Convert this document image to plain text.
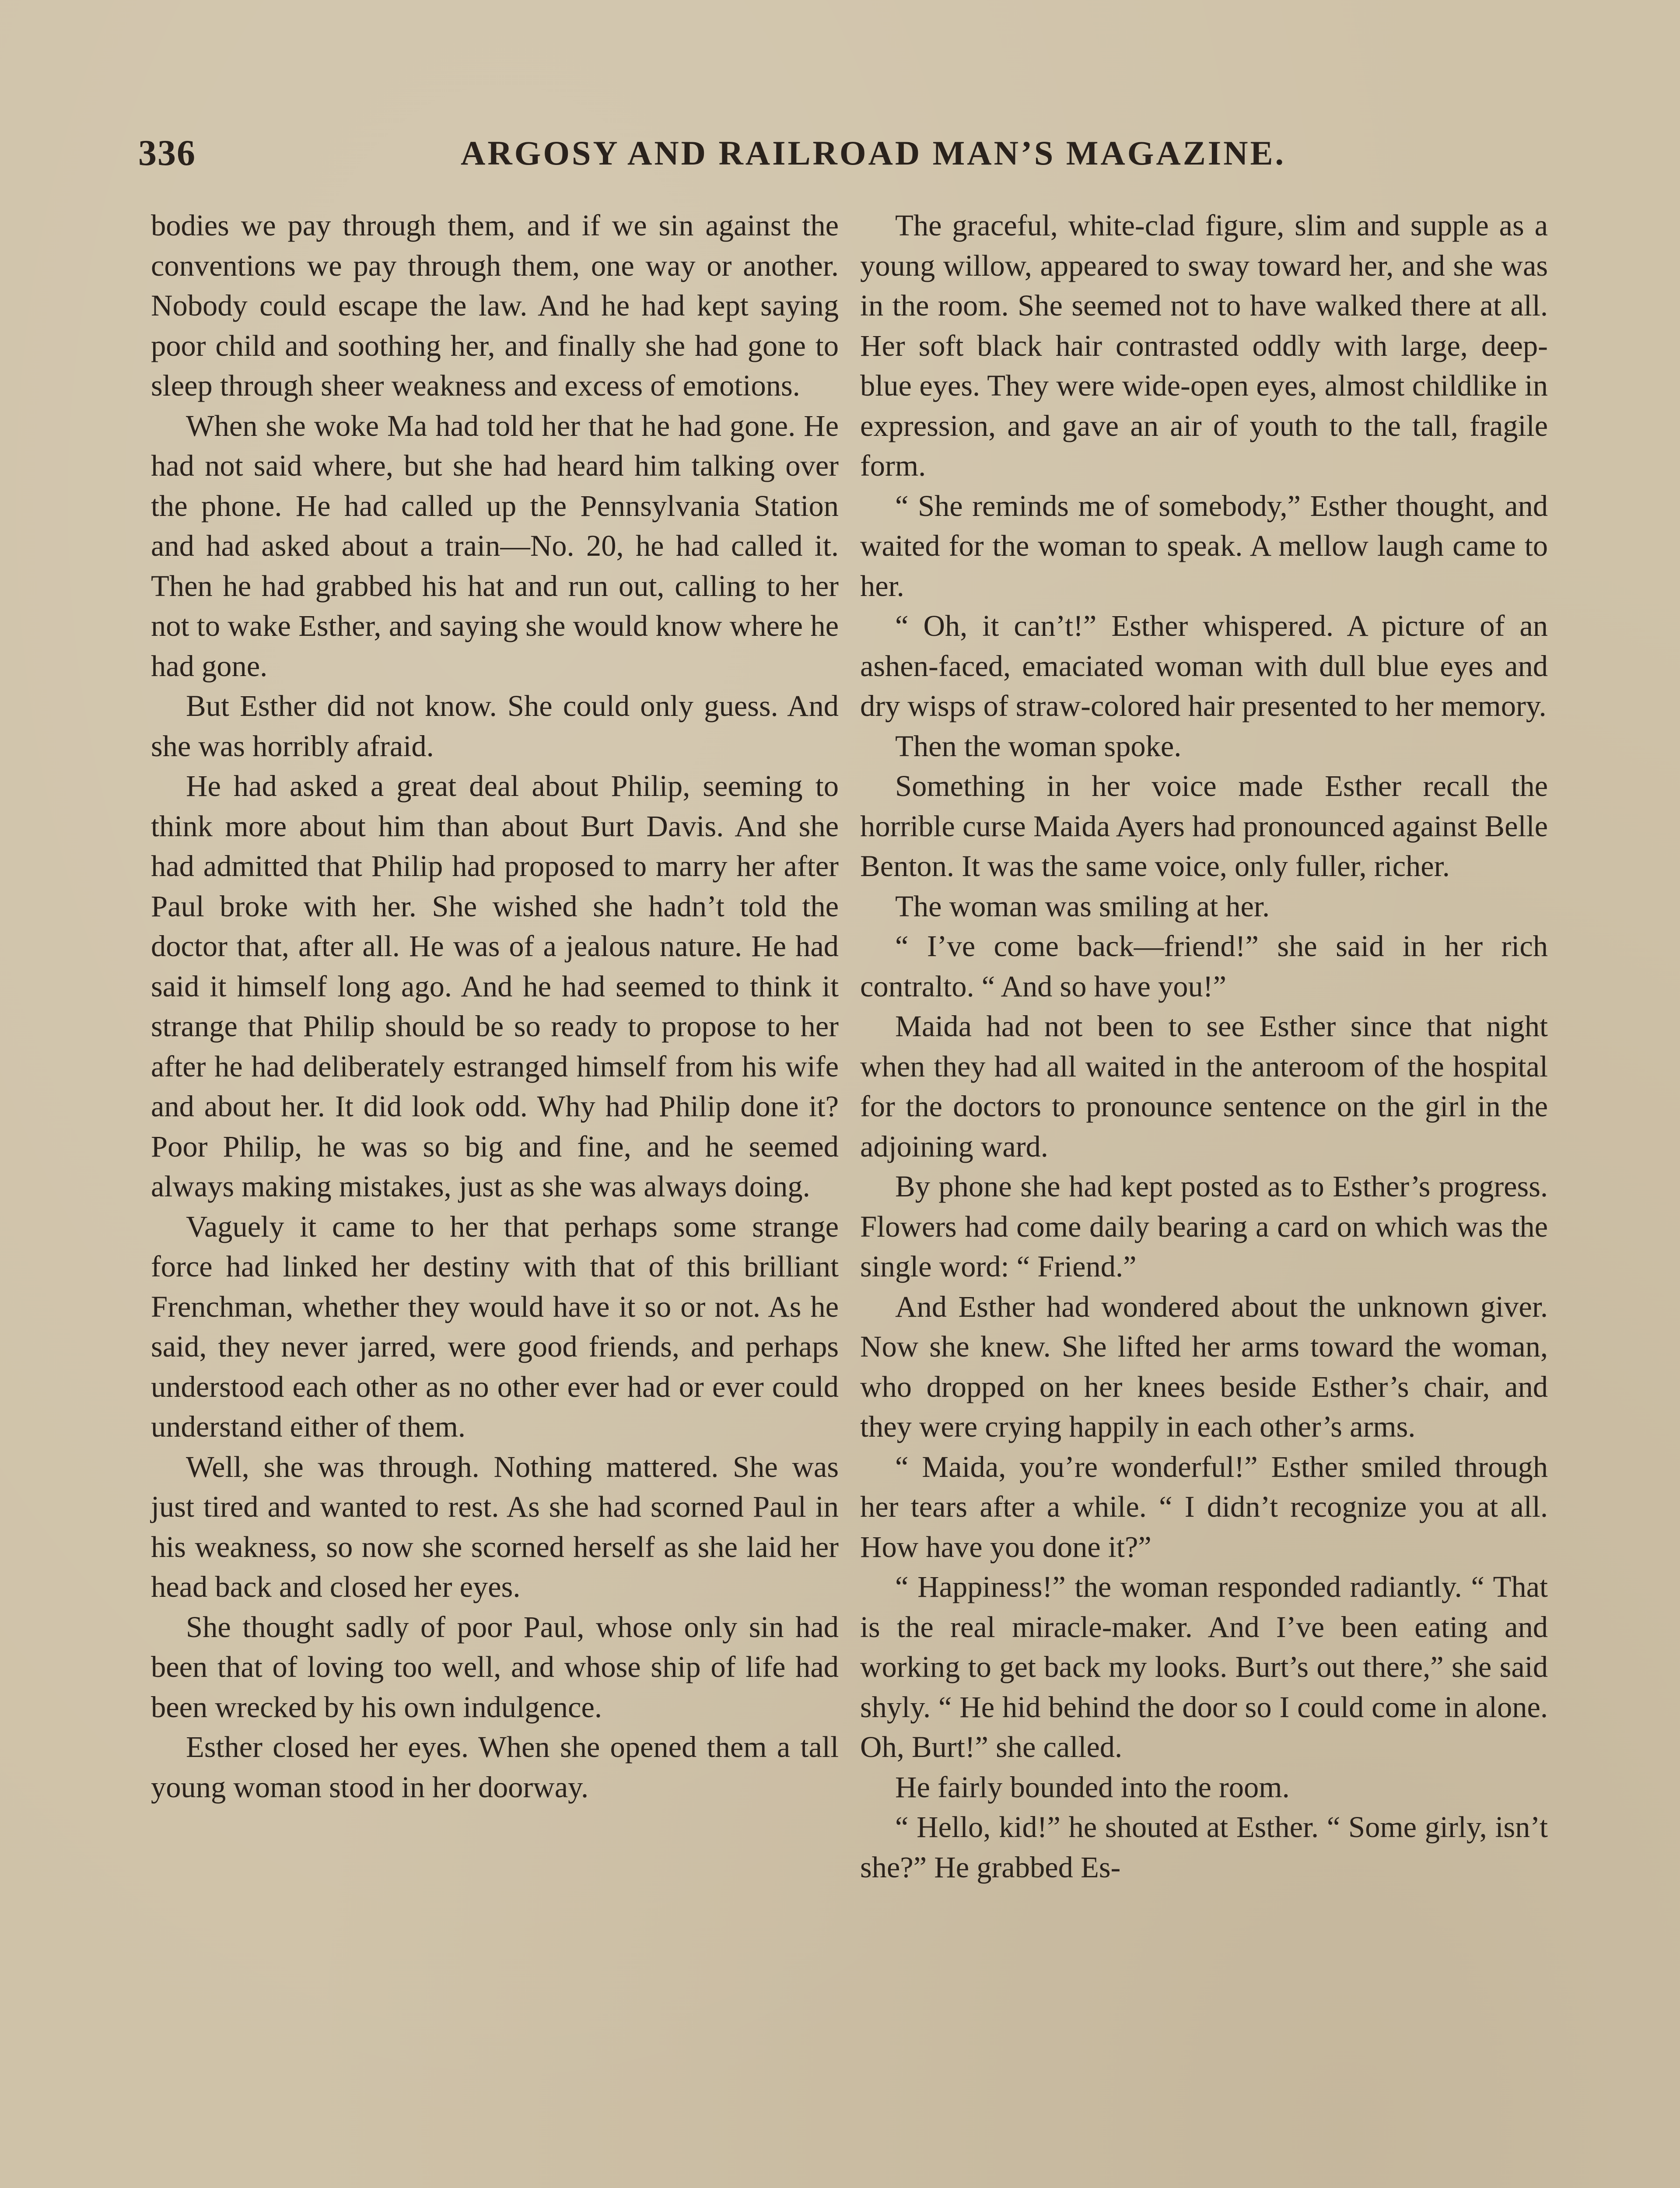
336	ARGOSY AND RAILROAD MAN’S MAGAZINE.

bodies we pay through them, and if we sin against the conventions we pay through them, one way or another. Nobody could escape the law. And he had kept saying poor child and soothing her, and finally she had gone to sleep through sheer weakness and excess of emotions.

When she woke Ma had told her that he had gone. He had not said where, but she had heard him talking over the phone. He had called up the Pennsylvania Station and had asked about a train—No. 20, he had called it. Then he had grabbed his hat and run out, calling to her not to wake Esther, and saying she would know where he had gone.

But Esther did not know. She could only guess. And she was horribly afraid.

He had asked a great deal about Philip, seeming to think more about him than about Burt Davis. And she had admitted that Philip had proposed to marry her after Paul broke with her. She wished she hadn’t told the doctor that, after all. He was of a jealous nature. He had said it himself long ago. And he had seemed to think it strange that Philip should be so ready to propose to her after he had deliberately estranged himself from his wife and about her. It did look odd. Why had Philip done it? Poor Philip, he was so big and fine, and he seemed always making mistakes, just as she was always doing.

Vaguely it came to her that perhaps some strange force had linked her destiny with that of this brilliant Frenchman, whether they would have it so or not. As he said, they never jarred, were good friends, and perhaps understood each other as no other ever had or ever could understand either of them.

Well, she was through. Nothing mattered. She was just tired and wanted to rest. As she had scorned Paul in his weakness, so now she scorned herself as she laid her head back and closed her eyes.

She thought sadly of poor Paul, whose only sin had been that of loving too well, and whose ship of life had been wrecked by his own indulgence.

Esther closed her eyes. When she opened them a tall young woman stood in her doorway.

The graceful, white-clad figure, slim and supple as a young willow, appeared to sway toward her, and she was in the room. She seemed not to have walked there at all. Her soft black hair contrasted oddly with large, deep-blue eyes. They were wide-open eyes, almost childlike in expression, and gave an air of youth to the tall, fragile form.

“ She reminds me of somebody,” Esther thought, and waited for the woman to speak. A mellow laugh came to her.

“ Oh, it can’t!” Esther whispered. A picture of an ashen-faced, emaciated woman with dull blue eyes and dry wisps of straw-colored hair presented to her memory.

Then the woman spoke.

Something in her voice made Esther recall the horrible curse Maida Ayers had pronounced against Belle Benton. It was the same voice, only fuller, richer.

The woman was smiling at her.

“ I’ve come back—friend!” she said in her rich contralto. “ And so have you!”

Maida had not been to see Esther since that night when they had all waited in the anteroom of the hospital for the doctors to pronounce sentence on the girl in the adjoining ward.

By phone she had kept posted as to Esther’s progress. Flowers had come daily bearing a card on which was the single word: “ Friend.”

And Esther had wondered about the unknown giver. Now she knew. She lifted her arms toward the woman, who dropped on her knees beside Esther’s chair, and they were crying happily in each other’s arms.

“ Maida, you’re wonderful!” Esther smiled through her tears after a while. “ I didn’t recognize you at all. How have you done it?”

“ Happiness!” the woman responded radiantly. “ That is the real miracle-maker. And I’ve been eating and working to get back my looks. Burt’s out there,” she said shyly. “ He hid behind the door so I could come in alone. Oh, Burt!” she called.

He fairly bounded into the room.

“ Hello, kid!” he shouted at Esther. “ Some girly, isn’t she?” He grabbed Es-
